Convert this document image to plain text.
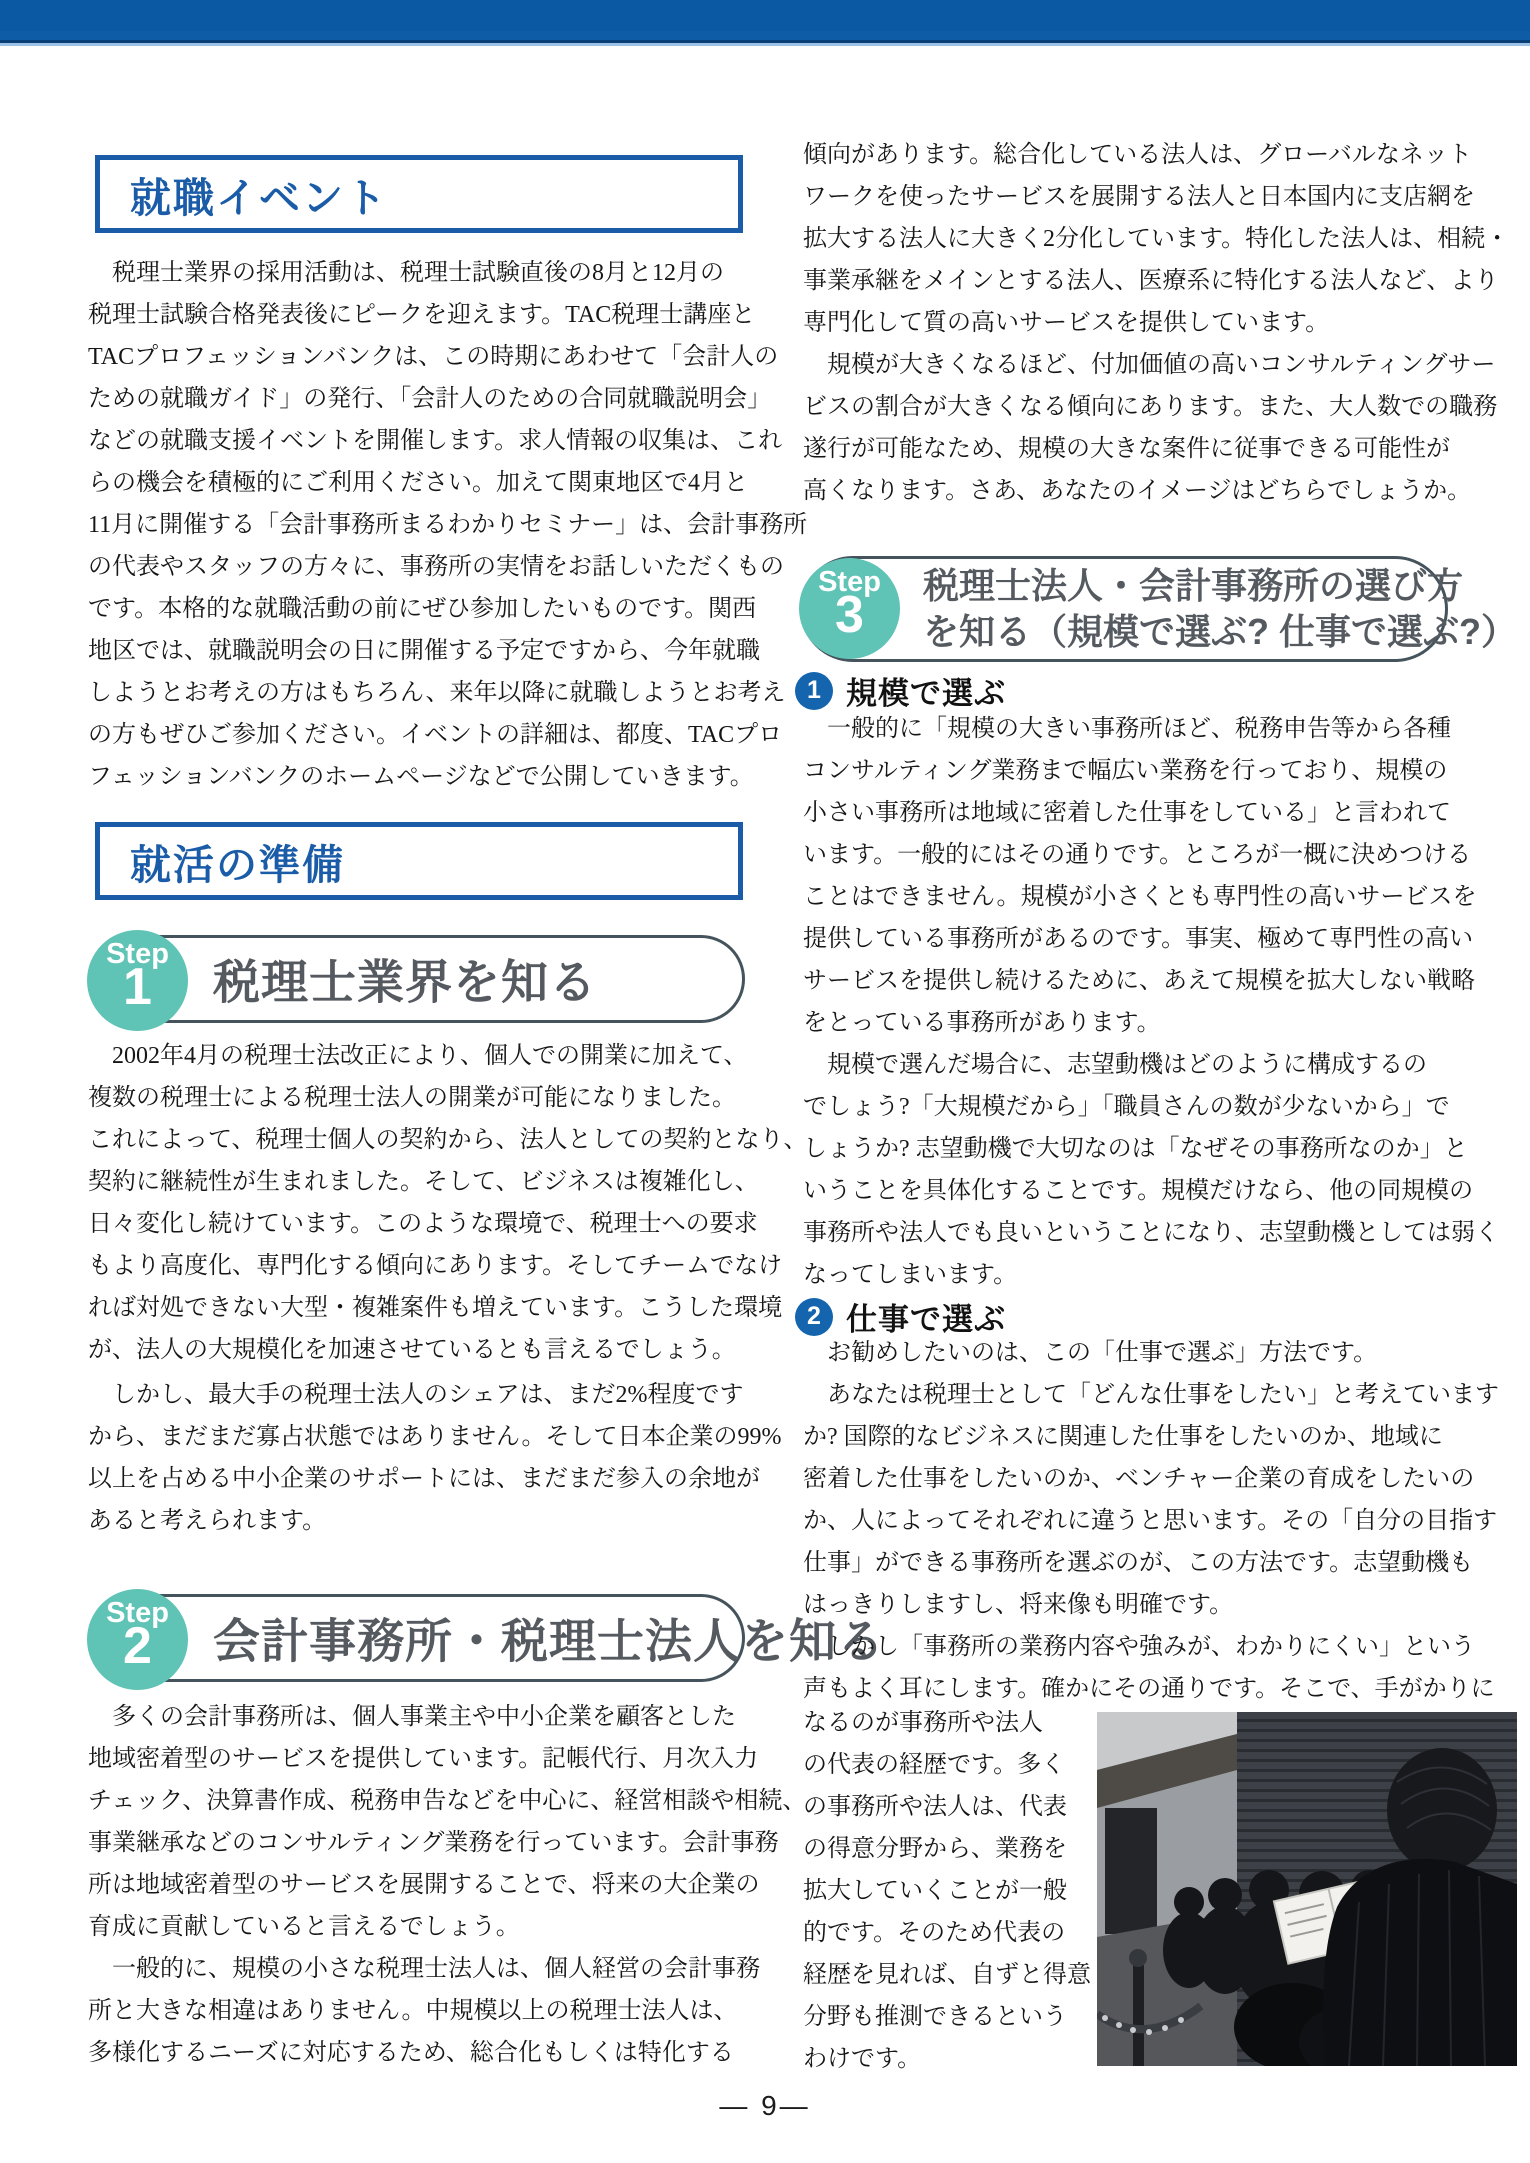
就職イベント
　税理士業界の採用活動は、税理士試験直後の8月と12月の
税理士試験合格発表後にピークを迎えます。TAC税理士講座と
TACプロフェッションバンクは、この時期にあわせて「会計人の
ための就職ガイド」の発行、「会計人のための合同就職説明会」
などの就職支援イベントを開催します。求人情報の収集は、これ
らの機会を積極的にご利用ください。加えて関東地区で4月と
11月に開催する「会計事務所まるわかりセミナー」は、会計事務所
の代表やスタッフの方々に、事務所の実情をお話しいただくもの
です。本格的な就職活動の前にぜひ参加したいものです。関西
地区では、就職説明会の日に開催する予定ですから、今年就職
しようとお考えの方はもちろん、来年以降に就職しようとお考え
の方もぜひご参加ください。イベントの詳細は、都度、TACプロ
フェッションバンクのホームページなどで公開していきます。
就活の準備
Step
1	税理士業界を知る
　2002年4月の税理士法改正により、個人での開業に加えて、
複数の税理士による税理士法人の開業が可能になりました。
これによって、税理士個人の契約から、法人としての契約となり、
契約に継続性が生まれました。そして、ビジネスは複雑化し、
日々変化し続けています。このような環境で、税理士への要求
もより高度化、専門化する傾向にあります。そしてチームでなけ
れば対処できない大型・複雑案件も増えています。こうした環境
が、法人の大規模化を加速させているとも言えるでしょう。
　しかし、最大手の税理士法人のシェアは、まだ2%程度です
から、まだまだ寡占状態ではありません。そして日本企業の99%
以上を占める中小企業のサポートには、まだまだ参入の余地が
あると考えられます。
Step
2	会計事務所・税理士法人を知る
　多くの会計事務所は、個人事業主や中小企業を顧客とした
地域密着型のサービスを提供しています。記帳代行、月次入力
チェック、決算書作成、税務申告などを中心に、経営相談や相続、
事業継承などのコンサルティング業務を行っています。会計事務
所は地域密着型のサービスを展開することで、将来の大企業の
育成に貢献していると言えるでしょう。
　一般的に、規模の小さな税理士法人は、個人経営の会計事務
所と大きな相違はありません。中規模以上の税理士法人は、
多様化するニーズに対応するため、総合化もしくは特化する
傾向があります。総合化している法人は、グローバルなネット
ワークを使ったサービスを展開する法人と日本国内に支店網を
拡大する法人に大きく2分化しています。特化した法人は、相続・
事業承継をメインとする法人、医療系に特化する法人など、より
専門化して質の高いサービスを提供しています。
　規模が大きくなるほど、付加価値の高いコンサルティングサー
ビスの割合が大きくなる傾向にあります。また、大人数での職務
遂行が可能なため、規模の大きな案件に従事できる可能性が
高くなります。さあ、あなたのイメージはどちらでしょうか。
Step
3
税理士法人・会計事務所の選び方
を知る（規模で選ぶ? 仕事で選ぶ?）
1 規模で選ぶ
　一般的に「規模の大きい事務所ほど、税務申告等から各種
コンサルティング業務まで幅広い業務を行っており、規模の
小さい事務所は地域に密着した仕事をしている」と言われて
います。一般的にはその通りです。ところが一概に決めつける
ことはできません。規模が小さくとも専門性の高いサービスを
提供している事務所があるのです。事実、極めて専門性の高い
サービスを提供し続けるために、あえて規模を拡大しない戦略
をとっている事務所があります。
　規模で選んだ場合に、志望動機はどのように構成するの
でしょう?「大規模だから」「職員さんの数が少ないから」で
しょうか? 志望動機で大切なのは「なぜその事務所なのか」と
いうことを具体化することです。規模だけなら、他の同規模の
事務所や法人でも良いということになり、志望動機としては弱く
なってしまいます。
2 仕事で選ぶ
　お勧めしたいのは、この「仕事で選ぶ」方法です。
　あなたは税理士として「どんな仕事をしたい」と考えています
か? 国際的なビジネスに関連した仕事をしたいのか、地域に
密着した仕事をしたいのか、ベンチャー企業の育成をしたいの
か、人によってそれぞれに違うと思います。その「自分の目指す
仕事」ができる事務所を選ぶのが、この方法です。志望動機も
はっきりしますし、将来像も明確です。
　しかし「事務所の業務内容や強みが、わかりにくい」という
声もよく耳にします。確かにその通りです。そこで、手がかりに
なるのが事務所や法人
の代表の経歴です。多く
の事務所や法人は、代表
の得意分野から、業務を
拡大していくことが一般
的です。そのため代表の
経歴を見れば、自ずと得意
分野も推測できるという
わけです。
— 9—
